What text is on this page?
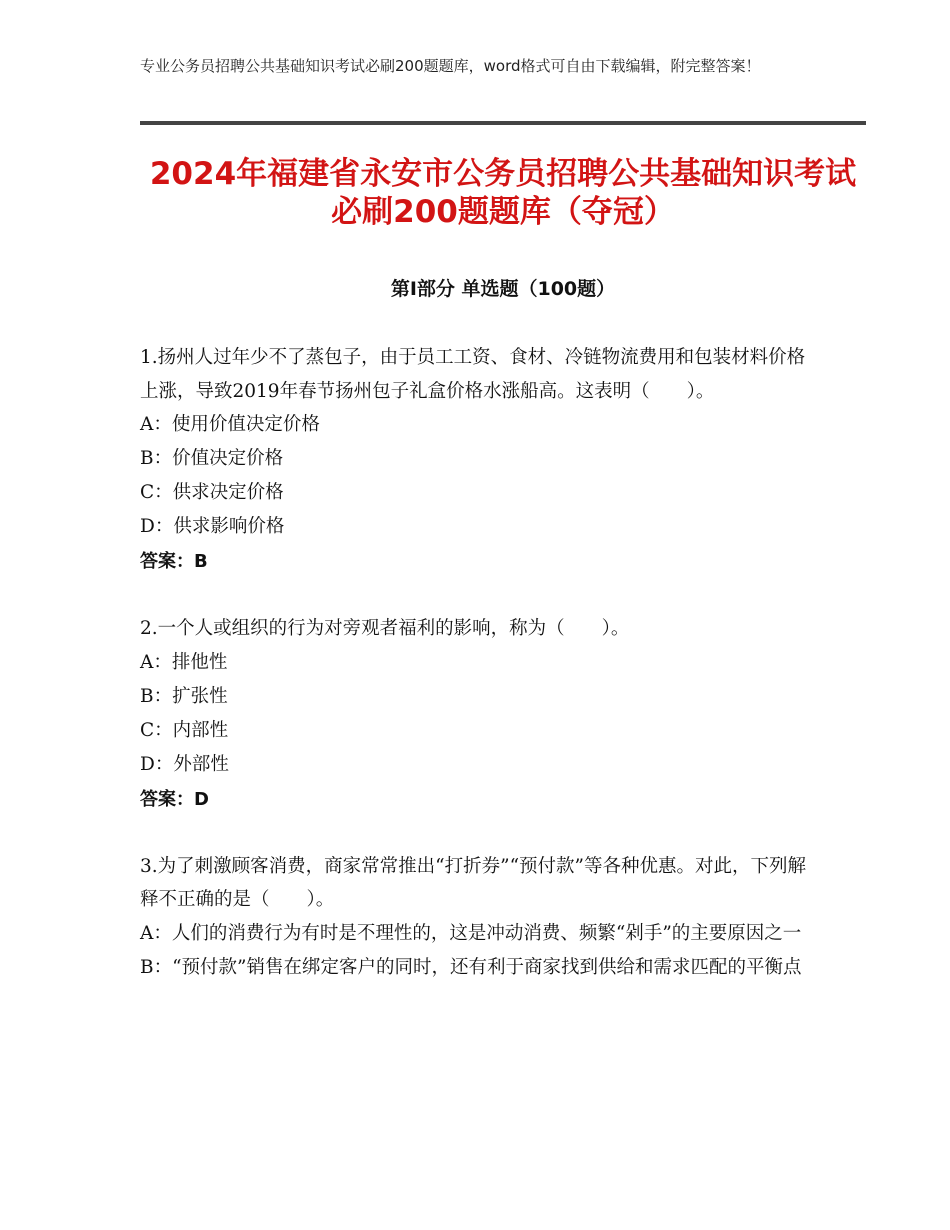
专业公务员招聘公共基础知识考试必刷200题题库，word格式可自由下载编辑，附完整答案！
2024年福建省永安市公务员招聘公共基础知识考试必刷200题题库（夺冠）
第Ⅰ部分 单选题（100题）

1.扬州人过年少不了蒸包子，由于员工工资、食材、冷链物流费用和包装材料价格上涨，导致2019年春节扬州包子礼盒价格水涨船高。这表明（　　）。

A：使用价值决定价格

B：价值决定价格

C：供求决定价格

D：供求影响价格

答案：B

2.一个人或组织的行为对旁观者福利的影响，称为（　　）。

A：排他性

B：扩张性

C：内部性

D：外部性

答案：D

3.为了刺激顾客消费，商家常常推出“打折券”“预付款”等各种优惠。对此，下列解释不正确的是（　　）。

A：人们的消费行为有时是不理性的，这是冲动消费、频繁“剁手”的主要原因之一

B：“预付款”销售在绑定客户的同时，还有利于商家找到供给和需求匹配的平衡点
